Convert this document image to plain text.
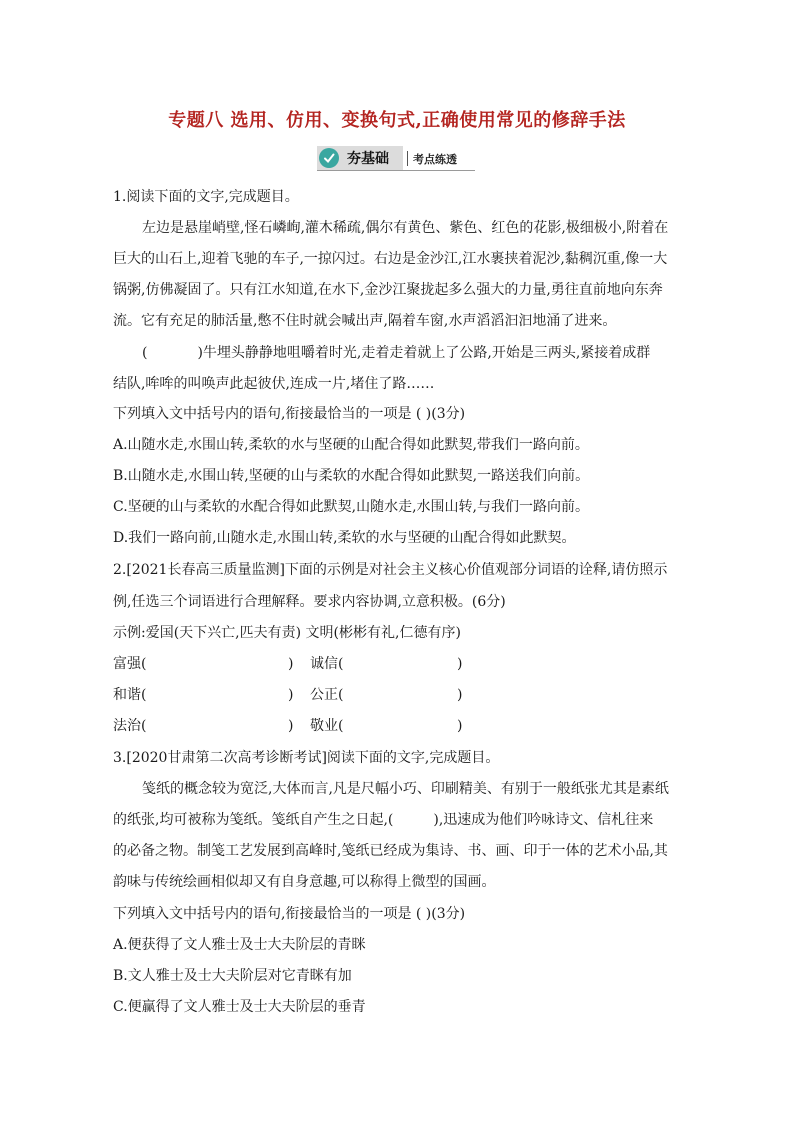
专题八 选用、仿用、变换句式,正确使用常见的修辞手法
夯基础 考点练透
1.阅读下面的文字,完成题目。
左边是悬崖峭壁,怪石嶙峋,灌木稀疏,偶尔有黄色、紫色、红色的花影,极细极小,附着在
巨大的山石上,迎着飞驰的车子,一掠闪过。右边是金沙江,江水裹挟着泥沙,黏稠沉重,像一大
锅粥,仿佛凝固了。只有江水知道,在水下,金沙江聚拢起多么强大的力量,勇往直前地向东奔
流。它有充足的肺活量,憋不住时就会喊出声,隔着车窗,水声滔滔汩汩地涌了进来。
(	)牛埋头静静地咀嚼着时光,走着走着就上了公路,开始是三两头,紧接着成群
结队,哞哞的叫唤声此起彼伏,连成一片,堵住了路……
下列填入文中括号内的语句,衔接最恰当的一项是 ( )(3分)
A.山随水走,水围山转,柔软的水与坚硬的山配合得如此默契,带我们一路向前。
B.山随水走,水围山转,坚硬的山与柔软的水配合得如此默契,一路送我们向前。
C.坚硬的山与柔软的水配合得如此默契,山随水走,水围山转,与我们一路向前。
D.我们一路向前,山随水走,水围山转,柔软的水与坚硬的山配合得如此默契。
2.[2021长春高三质量监测]下面的示例是对社会主义核心价值观部分词语的诠释,请仿照示
例,任选三个词语进行合理解释。要求内容协调,立意积极。(6分)
示例:爱国(天下兴亡,匹夫有责) 文明(彬彬有礼,仁德有序)
富强(	) 诚信(	)
和谐(	) 公正(	)
法治(	) 敬业(	)
3.[2020甘肃第二次高考诊断考试]阅读下面的文字,完成题目。
笺纸的概念较为宽泛,大体而言,凡是尺幅小巧、印刷精美、有别于一般纸张尤其是素纸
的纸张,均可被称为笺纸。笺纸自产生之日起,(	),迅速成为他们吟咏诗文、信札往来
的必备之物。制笺工艺发展到高峰时,笺纸已经成为集诗、书、画、印于一体的艺术小品,其
韵味与传统绘画相似却又有自身意趣,可以称得上微型的国画。
下列填入文中括号内的语句,衔接最恰当的一项是 ( )(3分)
A.便获得了文人雅士及士大夫阶层的青眯
B.文人雅士及士大夫阶层对它青眯有加
C.便赢得了文人雅士及士大夫阶层的垂青
